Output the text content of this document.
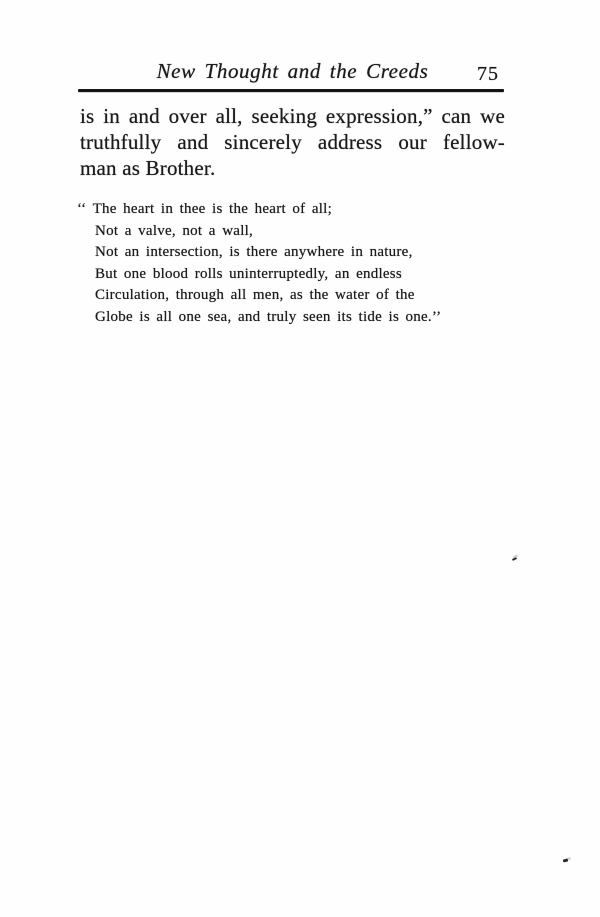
New Thought and the Creeds	75
is in and over all, seeking expression,” can we
truthfully and sincerely address our fellow-
man as Brother.
‘‘ The heart in thee is the heart of all;
Not a valve, not a wall,
Not an intersection, is there anywhere in nature,
But one blood rolls uninterruptedly, an endless
Circulation, through all men, as the water of the
Globe is all one sea, and truly seen its tide is one.’’
